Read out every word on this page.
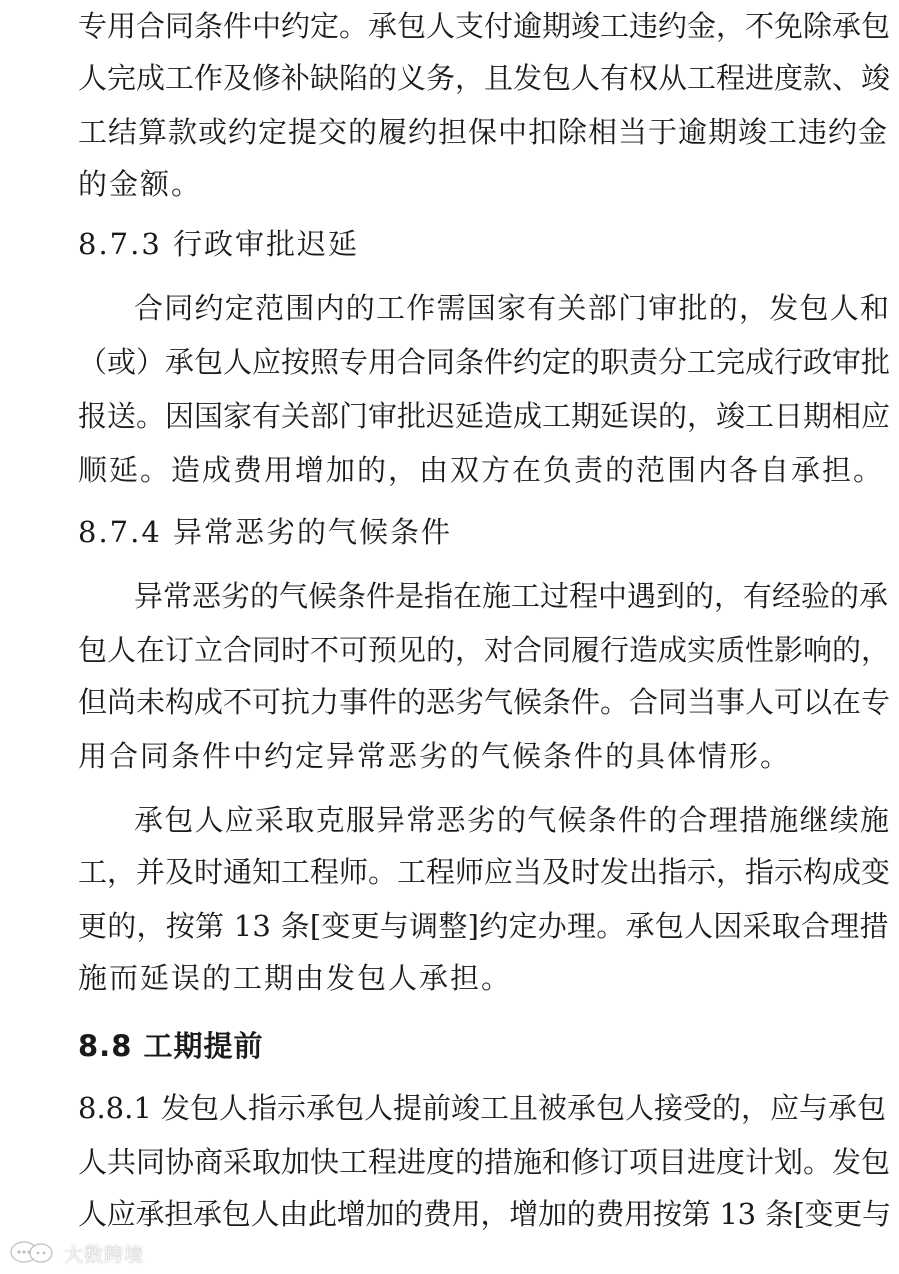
专用合同条件中约定。承包人支付逾期竣工违约金，不免除承包
人完成工作及修补缺陷的义务，且发包人有权从工程进度款、竣
工结算款或约定提交的履约担保中扣除相当于逾期竣工违约金
的金额。
8.7.3 行政审批迟延
合同约定范围内的工作需国家有关部门审批的，发包人和
（或）承包人应按照专用合同条件约定的职责分工完成行政审批
报送。因国家有关部门审批迟延造成工期延误的，竣工日期相应
顺延。造成费用增加的，由双方在负责的范围内各自承担。
8.7.4 异常恶劣的气候条件
异常恶劣的气候条件是指在施工过程中遇到的，有经验的承
包人在订立合同时不可预见的，对合同履行造成实质性影响的，
但尚未构成不可抗力事件的恶劣气候条件。合同当事人可以在专
用合同条件中约定异常恶劣的气候条件的具体情形。
承包人应采取克服异常恶劣的气候条件的合理措施继续施
工，并及时通知工程师。工程师应当及时发出指示，指示构成变
更的，按第 13 条[变更与调整]约定办理。承包人因采取合理措
施而延误的工期由发包人承担。
8.8 工期提前
8.8.1 发包人指示承包人提前竣工且被承包人接受的，应与承包
人共同协商采取加快工程进度的措施和修订项目进度计划。发包
人应承担承包人由此增加的费用，增加的费用按第 13 条[变更与
大数跨境
